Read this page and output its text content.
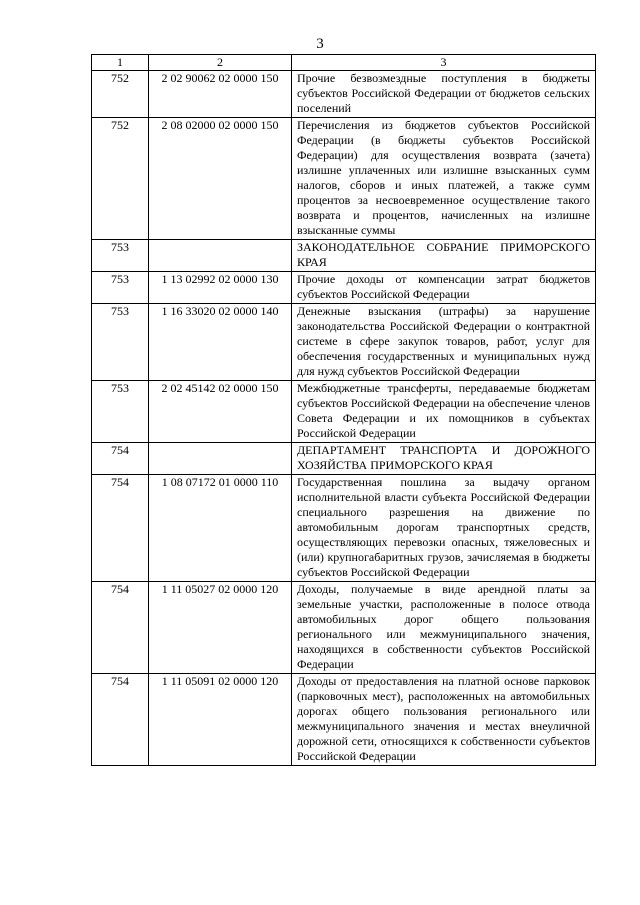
3
1	2	3
752	2 02 90062 02 0000 150	Прочие безвозмездные поступления в бюджеты субъектов Российской Федерации от бюджетов сельских поселений
752	2 08 02000 02 0000 150	Перечисления из бюджетов субъектов Российской Федерации (в бюджеты субъектов Российской Федерации) для осуществления возврата (зачета) излишне уплаченных или излишне взысканных сумм налогов, сборов и иных платежей, а также сумм процентов за несвоевременное осуществление такого возврата и процентов, начисленных на излишне взысканные суммы
753		ЗАКОНОДАТЕЛЬНОЕ СОБРАНИЕ ПРИМОРСКОГО КРАЯ
753	1 13 02992 02 0000 130	Прочие доходы от компенсации затрат бюджетов субъектов Российской Федерации
753	1 16 33020 02 0000 140	Денежные взыскания (штрафы) за нарушение законодательства Российской Федерации о контрактной системе в сфере закупок товаров, работ, услуг для обеспечения государственных и муниципальных нужд для нужд субъектов Российской Федерации
753	2 02 45142 02 0000 150	Межбюджетные трансферты, передаваемые бюджетам субъектов Российской Федерации на обеспечение членов Совета Федерации и их помощников в субъектах Российской Федерации
754		ДЕПАРТАМЕНТ ТРАНСПОРТА И ДОРОЖНОГО ХОЗЯЙСТВА ПРИМОРСКОГО КРАЯ
754	1 08 07172 01 0000 110	Государственная пошлина за выдачу органом исполнительной власти субъекта Российской Федерации специального разрешения на движение по автомобильным дорогам транспортных средств, осуществляющих перевозки опасных, тяжеловесных и (или) крупногабаритных грузов, зачисляемая в бюджеты субъектов Российской Федерации
754	1 11 05027 02 0000 120	Доходы, получаемые в виде арендной платы за земельные участки, расположенные в полосе отвода автомобильных дорог общего пользования регионального или межмуниципального значения, находящихся в собственности субъектов Российской Федерации
754	1 11 05091 02 0000 120	Доходы от предоставления на платной основе парковок (парковочных мест), расположенных на автомобильных дорогах общего пользования регионального или межмуниципального значения и местах внеуличной дорожной сети, относящихся к собственности субъектов Российской Федерации
